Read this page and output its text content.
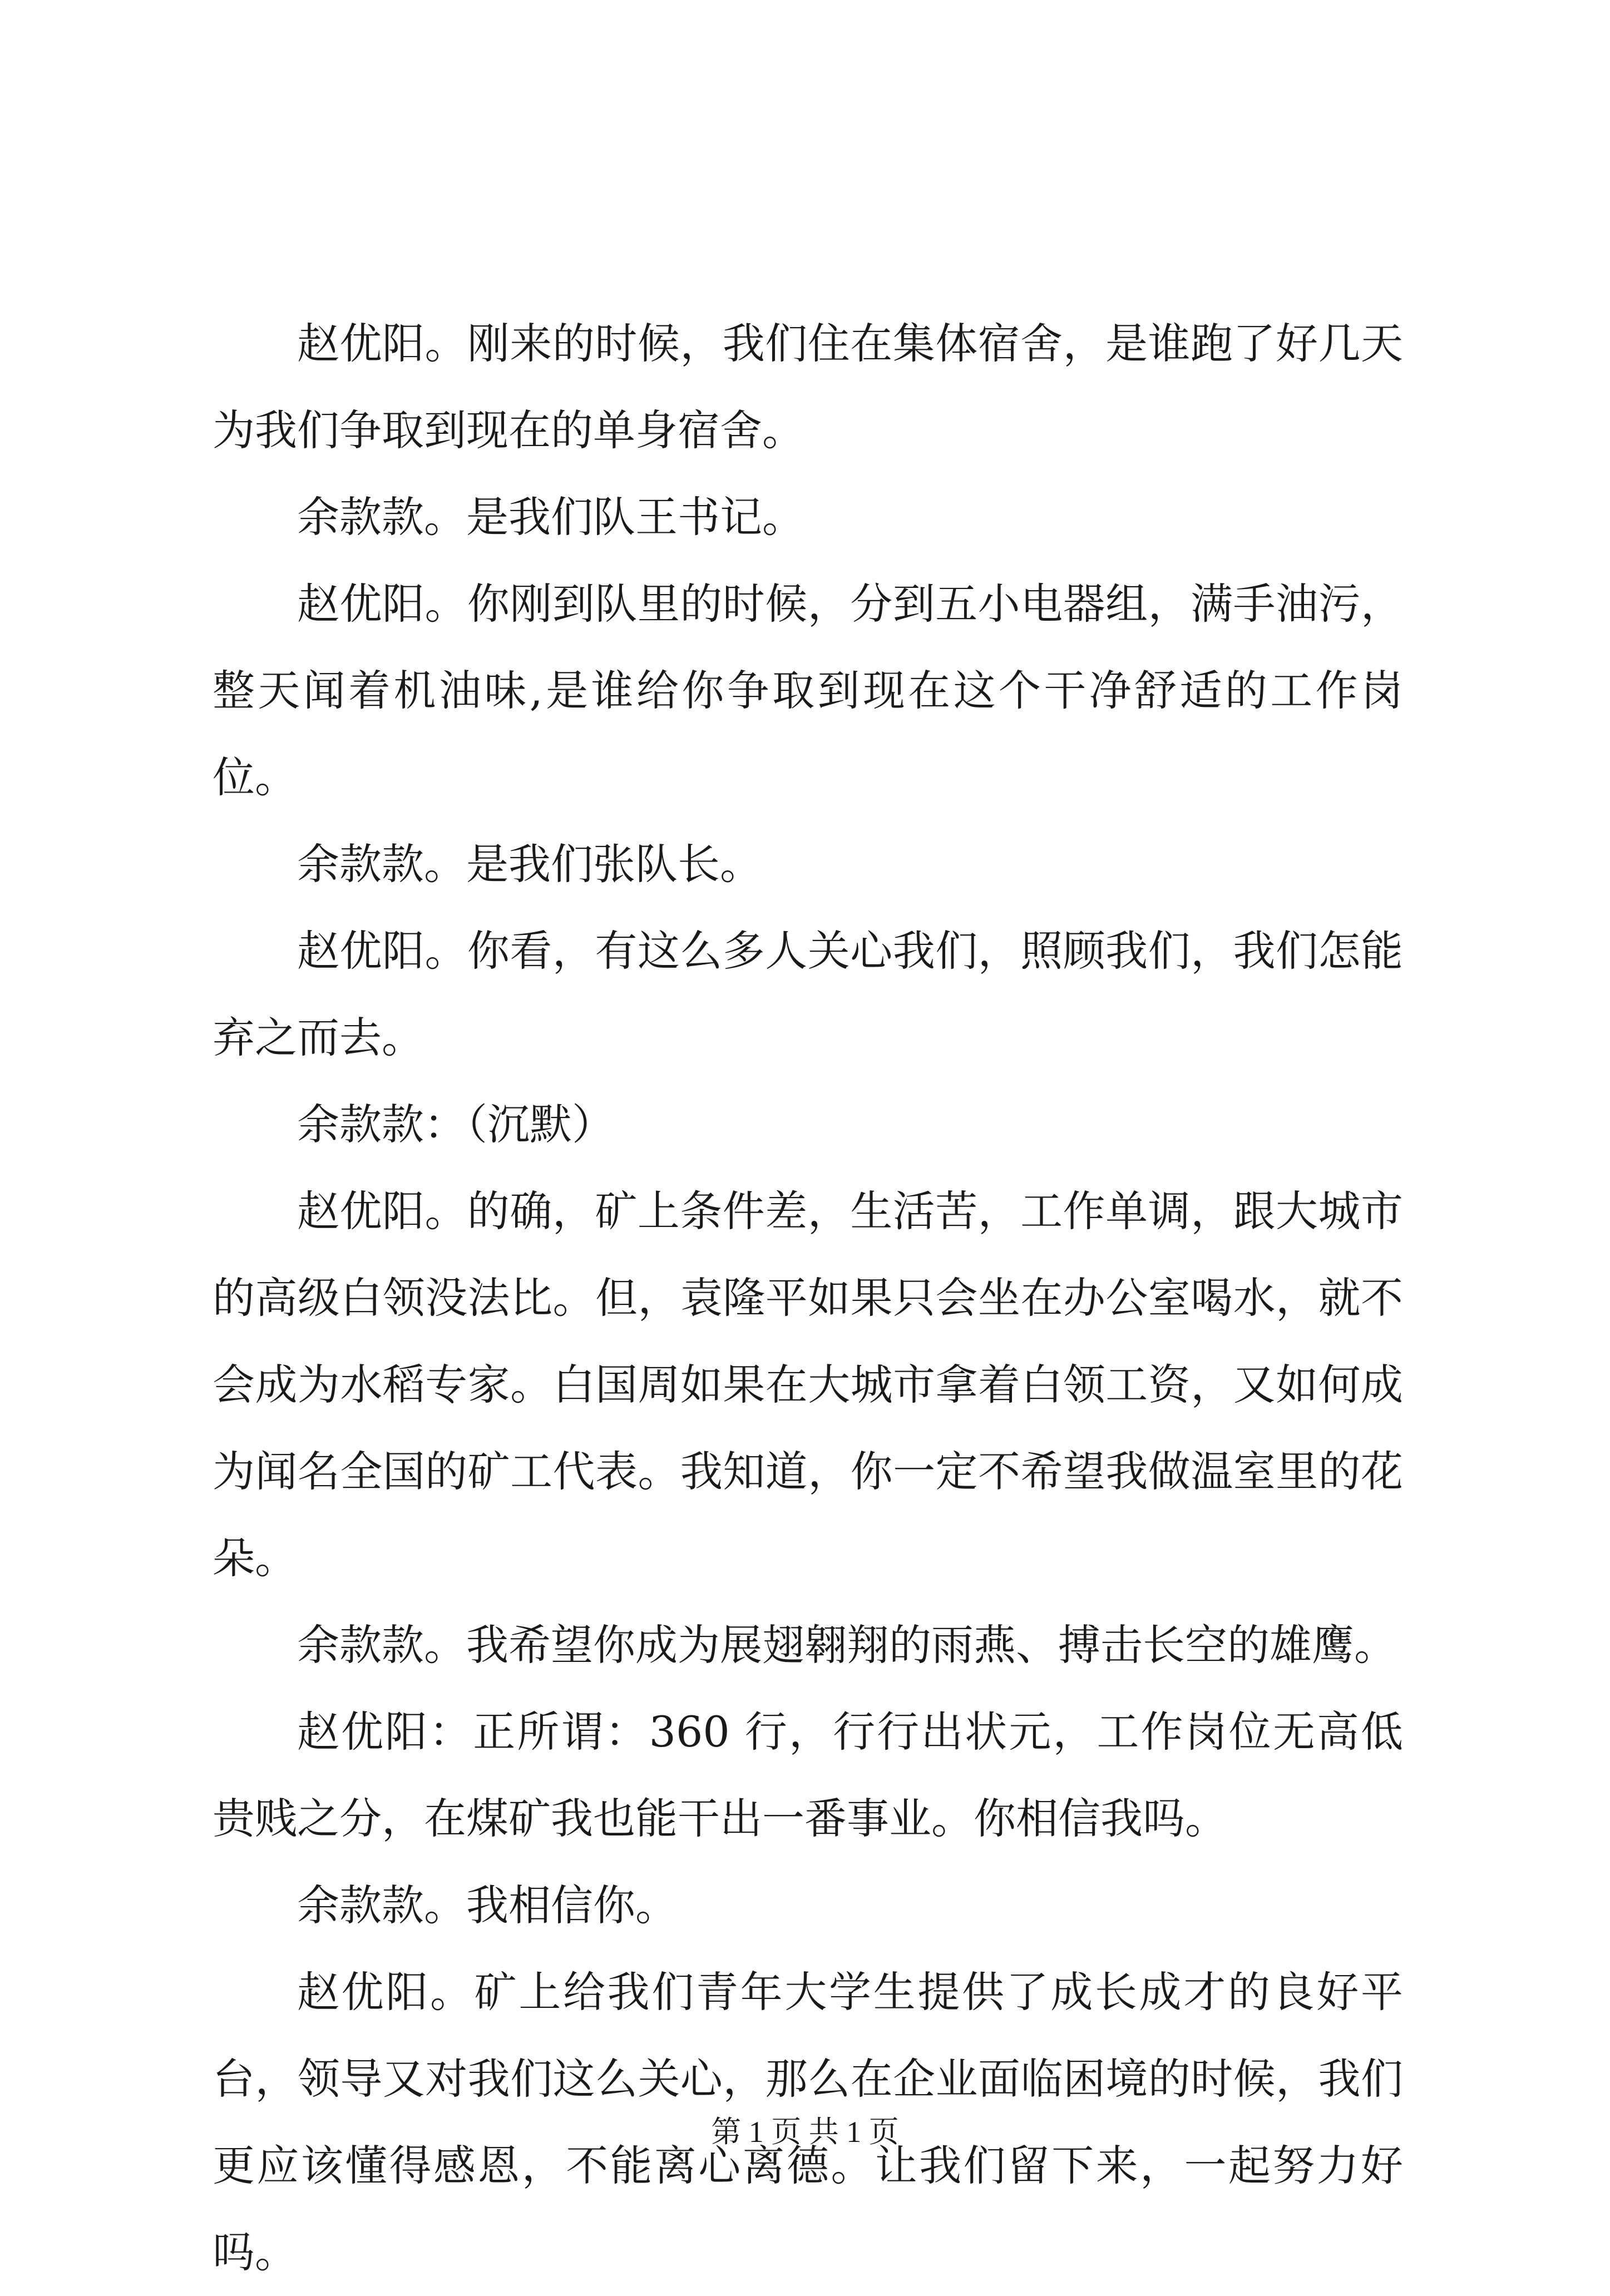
赵优阳。刚来的时候，我们住在集体宿舍，是谁跑了好几天为我们争取到现在的单身宿舍。

余款款。是我们队王书记。

赵优阳。你刚到队里的时候，分到五小电器组，满手油污，整天闻着机油味,是谁给你争取到现在这个干净舒适的工作岗位。

余款款。是我们张队长。

赵优阳。你看，有这么多人关心我们，照顾我们，我们怎能弃之而去。

余款款：（沉默）

赵优阳。的确，矿上条件差，生活苦，工作单调，跟大城市的高级白领没法比。但，袁隆平如果只会坐在办公室喝水，就不会成为水稻专家。白国周如果在大城市拿着白领工资，又如何成为闻名全国的矿工代表。我知道，你一定不希望我做温室里的花朵。

余款款。我希望你成为展翅翱翔的雨燕、搏击长空的雄鹰。

赵优阳：正所谓：360 行，行行出状元，工作岗位无高低贵贱之分，在煤矿我也能干出一番事业。你相信我吗。

余款款。我相信你。

赵优阳。矿上给我们青年大学生提供了成长成才的良好平台，领导又对我们这么关心，那么在企业面临困境的时候，我们更应该懂得感恩，不能离心离德。让我们留下来，一起努力好吗。

第 1 页 共 1 页
